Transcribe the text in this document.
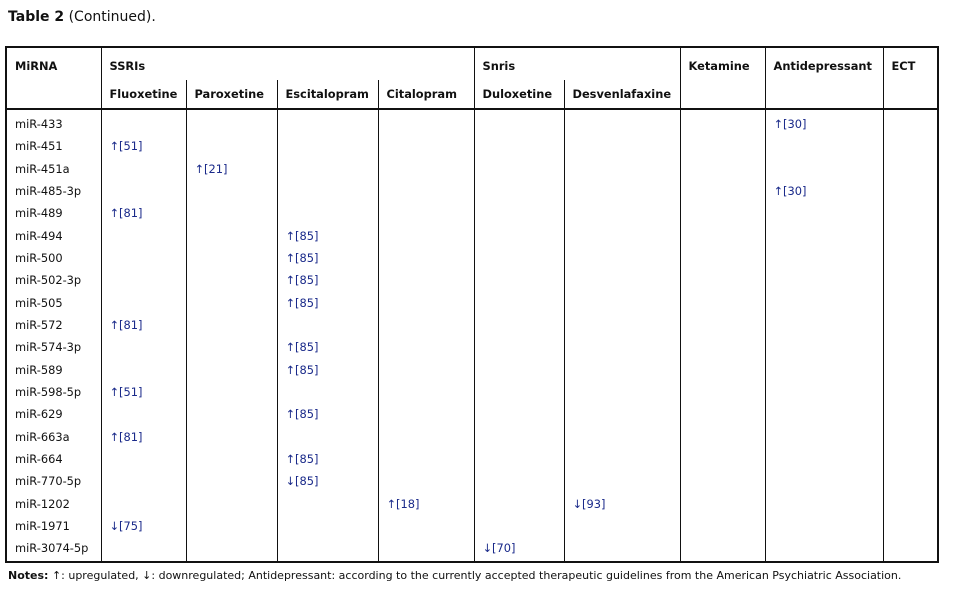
Table 2 (Continued).
MiRNA	SSRIs				Snris		Ketamine	Antidepressant	ECT
	Fluoxetine	Paroxetine	Escitalopram	Citalopram	Duloxetine	Desvenlafaxine			
miR-433								↑[30]	
miR-451	↑[51]								
miR-451a		↑[21]							
miR-485-3p								↑[30]	
miR-489	↑[81]								
miR-494			↑[85]						
miR-500			↑[85]						
miR-502-3p			↑[85]						
miR-505			↑[85]						
miR-572	↑[81]								
miR-574-3p			↑[85]						
miR-589			↑[85]						
miR-598-5p	↑[51]								
miR-629			↑[85]						
miR-663a	↑[81]								
miR-664			↑[85]						
miR-770-5p			↓[85]						
miR-1202				↑[18]		↓[93]			
miR-1971	↓[75]								
miR-3074-5p					↓[70]				
Notes: ↑: upregulated, ↓: downregulated; Antidepressant: according to the currently accepted therapeutic guidelines from the American Psychiatric Association.
